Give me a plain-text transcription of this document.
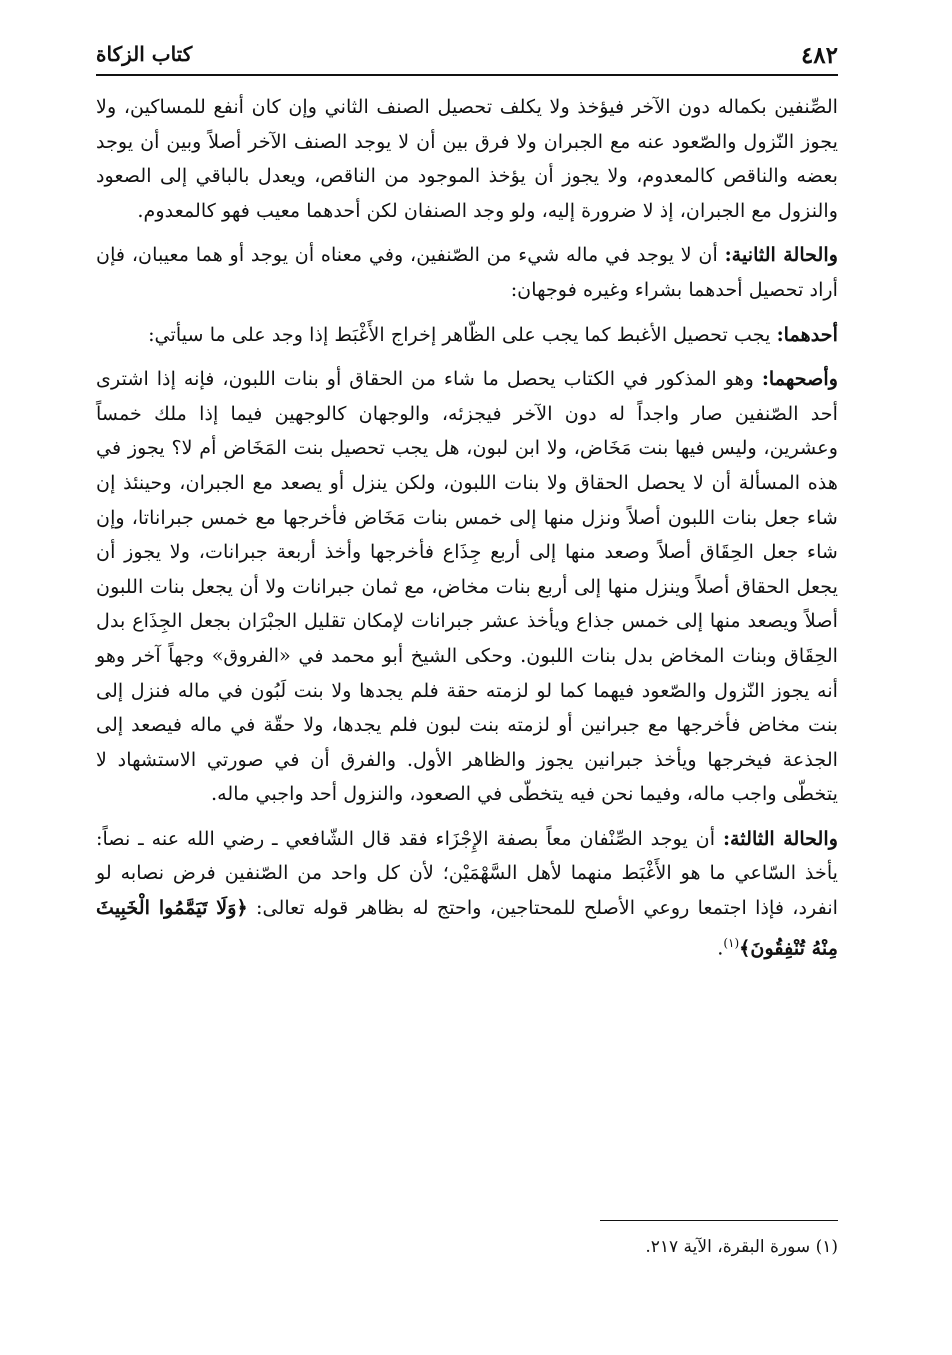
٤٨٢
كتاب الزكاة

الصِّنفين بكماله دون الآخر فيؤخذ ولا يكلف تحصيل الصنف الثاني وإن كان أنفع للمساكين، ولا يجوز النّزول والصّعود عنه مع الجبران ولا فرق بين أن لا يوجد الصنف الآخر أصلاً وبين أن يوجد بعضه والناقص كالمعدوم، ولا يجوز أن يؤخذ الموجود من الناقص، ويعدل بالباقي إلى الصعود والنزول مع الجبران، إذ لا ضرورة إليه، ولو وجد الصنفان لكن أحدهما معيب فهو كالمعدوم.

والحالة الثانية: أن لا يوجد في ماله شيء من الصّنفين، وفي معناه أن يوجد أو هما معيبان، فإن أراد تحصيل أحدهما بشراء وغيره فوجهان:

أحدهما: يجب تحصيل الأغبط كما يجب على الظّاهر إخراج الأَغْبَط إذا وجد على ما سيأتي:

وأصحهما: وهو المذكور في الكتاب يحصل ما شاء من الحقاق أو بنات اللبون، فإنه إذا اشترى أحد الصّنفين صار واجداً له دون الآخر فيجزئه، والوجهان كالوجهين فيما إذا ملك خمساً وعشرين، وليس فيها بنت مَخَاض، ولا ابن لبون، هل يجب تحصيل بنت المَخَاض أم لا؟ يجوز في هذه المسألة أن لا يحصل الحقاق ولا بنات اللبون، ولكن ينزل أو يصعد مع الجبران، وحينئذ إن شاء جعل بنات اللبون أصلاً ونزل منها إلى خمس بنات مَخَاض فأخرجها مع خمس جبراناتا، وإن شاء جعل الحِقَاق أصلاً وصعد منها إلى أربع جِذَاع فأخرجها وأخذ أربعة جبرانات، ولا يجوز أن يجعل الحقاق أصلاً وينزل منها إلى أربع بنات مخاض، مع ثمان جبرانات ولا أن يجعل بنات اللبون أصلاً ويصعد منها إلى خمس جذاع ويأخذ عشر جبرانات لإمكان تقليل الجبْرَان بجعل الجِذَاع بدل الحِقَاق وبنات المخاض بدل بنات اللبون. وحكى الشيخ أبو محمد في «الفروق» وجهاً آخر وهو أنه يجوز النّزول والصّعود فيهما كما لو لزمته حقة فلم يجدها ولا بنت لَبُون في ماله فنزل إلى بنت مخاض فأخرجها مع جبرانين أو لزمته بنت لبون فلم يجدها، ولا حقّة في ماله فيصعد إلى الجذعة فيخرجها ويأخذ جبرانين يجوز والظاهر الأول. والفرق أن في صورتي الاستشهاد لا يتخطّى واجب ماله، وفيما نحن فيه يتخطّى في الصعود، والنزول أحد واجبي ماله.

والحالة الثالثة: أن يوجد الصِّنْفان معاً بصفة الإِجْزَاء فقد قال الشّافعي ـ رضي الله عنه ـ نصاً: يأخذ السّاعي ما هو الأَغْبَط منهما لأهل السَّهْمَيْن؛ لأن كل واحد من الصّنفين فرض نصابه لو انفرد، فإذا اجتمعا روعي الأصلح للمحتاجين، واحتج له بظاهر قوله تعالى: ﴿وَلَا تَيَمَّمُوا الْخَبِيثَ مِنْهُ تُنْفِقُونَ﴾$^{(١)}$.

(١) سورة البقرة، الآية ٢١٧.
